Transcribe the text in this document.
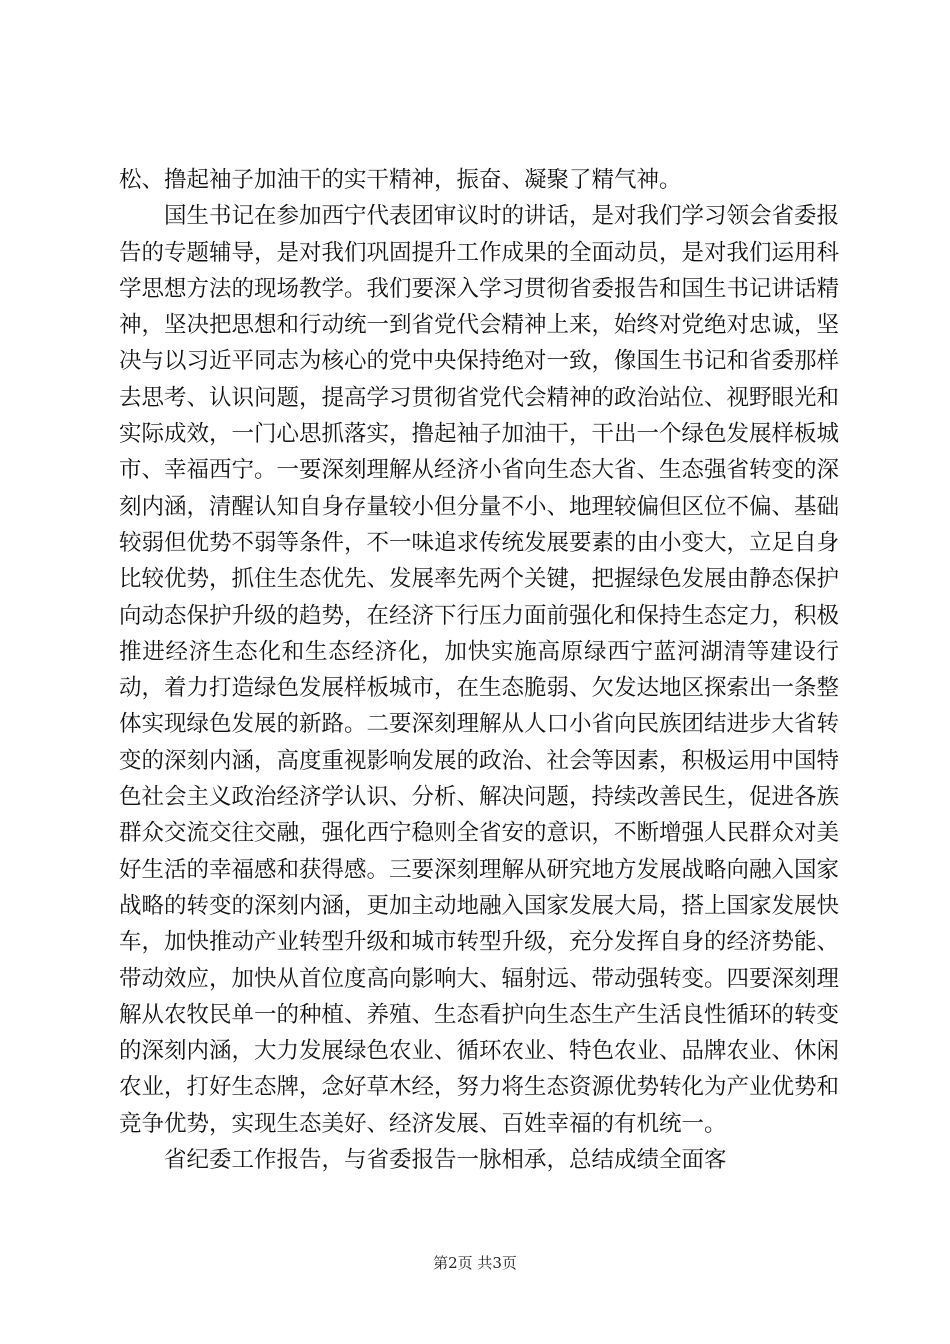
松、撸起袖子加油干的实干精神，振奋、凝聚了精气神。

国生书记在参加西宁代表团审议时的讲话，是对我们学习领会省委报告的专题辅导，是对我们巩固提升工作成果的全面动员，是对我们运用科学思想方法的现场教学。我们要深入学习贯彻省委报告和国生书记讲话精神，坚决把思想和行动统一到省党代会精神上来，始终对党绝对忠诚，坚决与以习近平同志为核心的党中央保持绝对一致，像国生书记和省委那样去思考、认识问题，提高学习贯彻省党代会精神的政治站位、视野眼光和实际成效，一门心思抓落实，撸起袖子加油干，干出一个绿色发展样板城市、幸福西宁。一要深刻理解从经济小省向生态大省、生态强省转变的深刻内涵，清醒认知自身存量较小但分量不小、地理较偏但区位不偏、基础较弱但优势不弱等条件，不一味追求传统发展要素的由小变大，立足自身比较优势，抓住生态优先、发展率先两个关键，把握绿色发展由静态保护向动态保护升级的趋势，在经济下行压力面前强化和保持生态定力，积极推进经济生态化和生态经济化，加快实施高原绿西宁蓝河湖清等建设行动，着力打造绿色发展样板城市，在生态脆弱、欠发达地区探索出一条整体实现绿色发展的新路。二要深刻理解从人口小省向民族团结进步大省转变的深刻内涵，高度重视影响发展的政治、社会等因素，积极运用中国特色社会主义政治经济学认识、分析、解决问题，持续改善民生，促进各族群众交流交往交融，强化西宁稳则全省安的意识，不断增强人民群众对美好生活的幸福感和获得感。三要深刻理解从研究地方发展战略向融入国家战略的转变的深刻内涵，更加主动地融入国家发展大局，搭上国家发展快车，加快推动产业转型升级和城市转型升级，充分发挥自身的经济势能、带动效应，加快从首位度高向影响大、辐射远、带动强转变。四要深刻理解从农牧民单一的种植、养殖、生态看护向生态生产生活良性循环的转变的深刻内涵，大力发展绿色农业、循环农业、特色农业、品牌农业、休闲农业，打好生态牌，念好草木经，努力将生态资源优势转化为产业优势和竞争优势，实现生态美好、经济发展、百姓幸福的有机统一。

省纪委工作报告，与省委报告一脉相承，总结成绩全面客

第2页 共3页
